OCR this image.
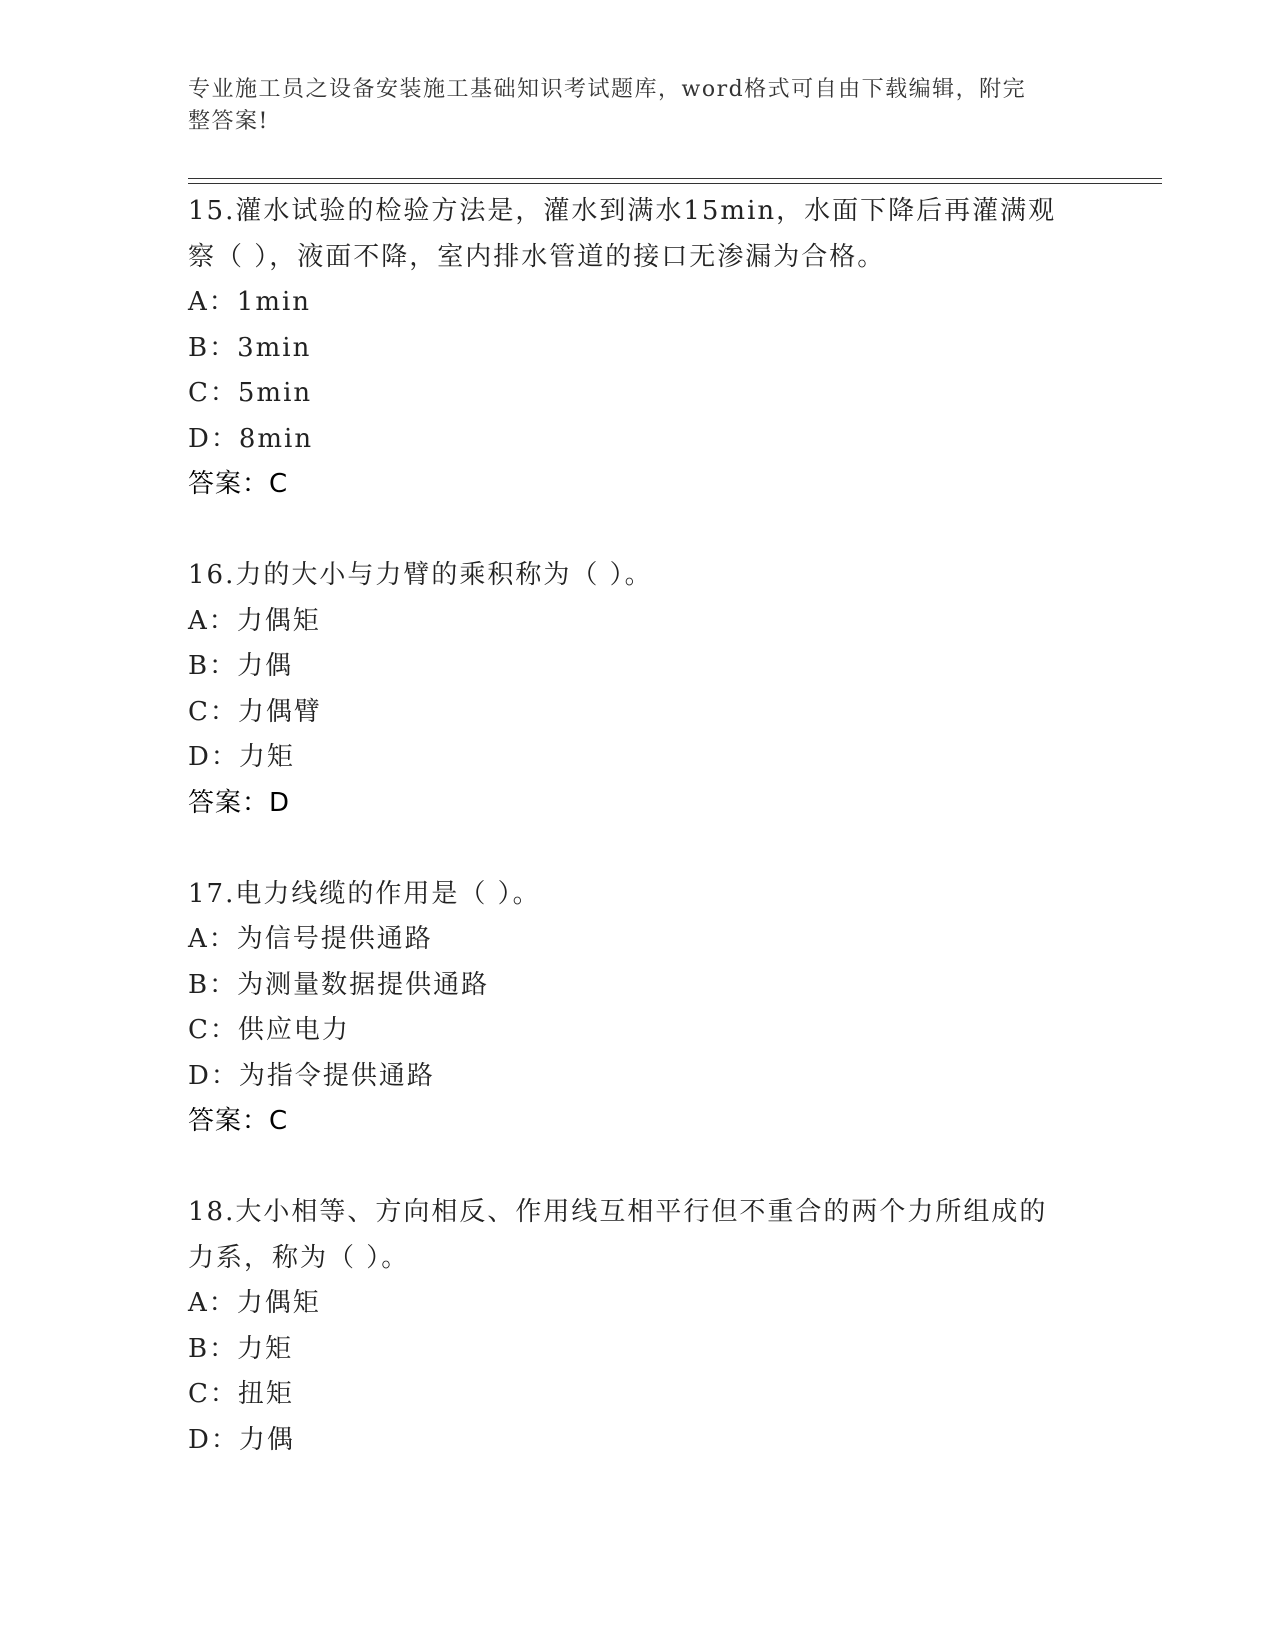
专业施工员之设备安装施工基础知识考试题库，word格式可自由下载编辑，附完
整答案!
15.灌水试验的检验方法是，灌水到满水15min，水面下降后再灌满观
察（ ），液面不降，室内排水管道的接口无渗漏为合格。
A：1min
B：3min
C：5min
D：8min
答案：C
16.力的大小与力臂的乘积称为（ ）。
A：力偶矩
B：力偶
C：力偶臂
D：力矩
答案：D
17.电力线缆的作用是（ ）。
A：为信号提供通路
B：为测量数据提供通路
C：供应电力
D：为指令提供通路
答案：C
18.大小相等、方向相反、作用线互相平行但不重合的两个力所组成的
力系，称为（ ）。
A：力偶矩
B：力矩
C：扭矩
D：力偶
